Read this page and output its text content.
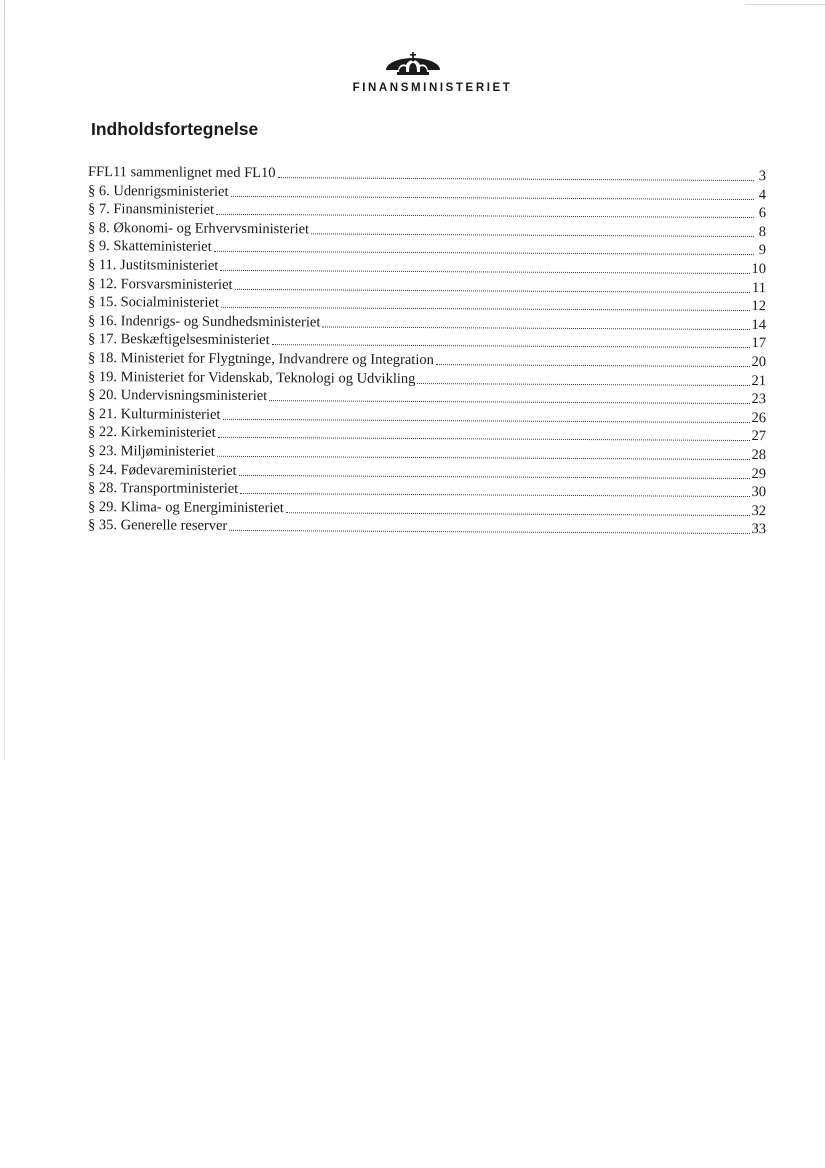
FINANSMINISTERIET
Indholdsfortegnelse
FFL11 sammenlignet med FL10	3
§ 6. Udenrigsministeriet	4
§ 7. Finansministeriet	6
§ 8. Økonomi- og Erhvervsministeriet	8
§ 9. Skatteministeriet	9
§ 11. Justitsministeriet	10
§ 12. Forsvarsministeriet	11
§ 15. Socialministeriet	12
§ 16. Indenrigs- og Sundhedsministeriet	14
§ 17. Beskæftigelsesministeriet	17
§ 18. Ministeriet for Flygtninge, Indvandrere og Integration	20
§ 19. Ministeriet for Videnskab, Teknologi og Udvikling	21
§ 20. Undervisningsministeriet	23
§ 21. Kulturministeriet	26
§ 22. Kirkeministeriet	27
§ 23. Miljøministeriet	28
§ 24. Fødevareministeriet	29
§ 28. Transportministeriet	30
§ 29. Klima- og Energiministeriet	32
§ 35. Generelle reserver	33
